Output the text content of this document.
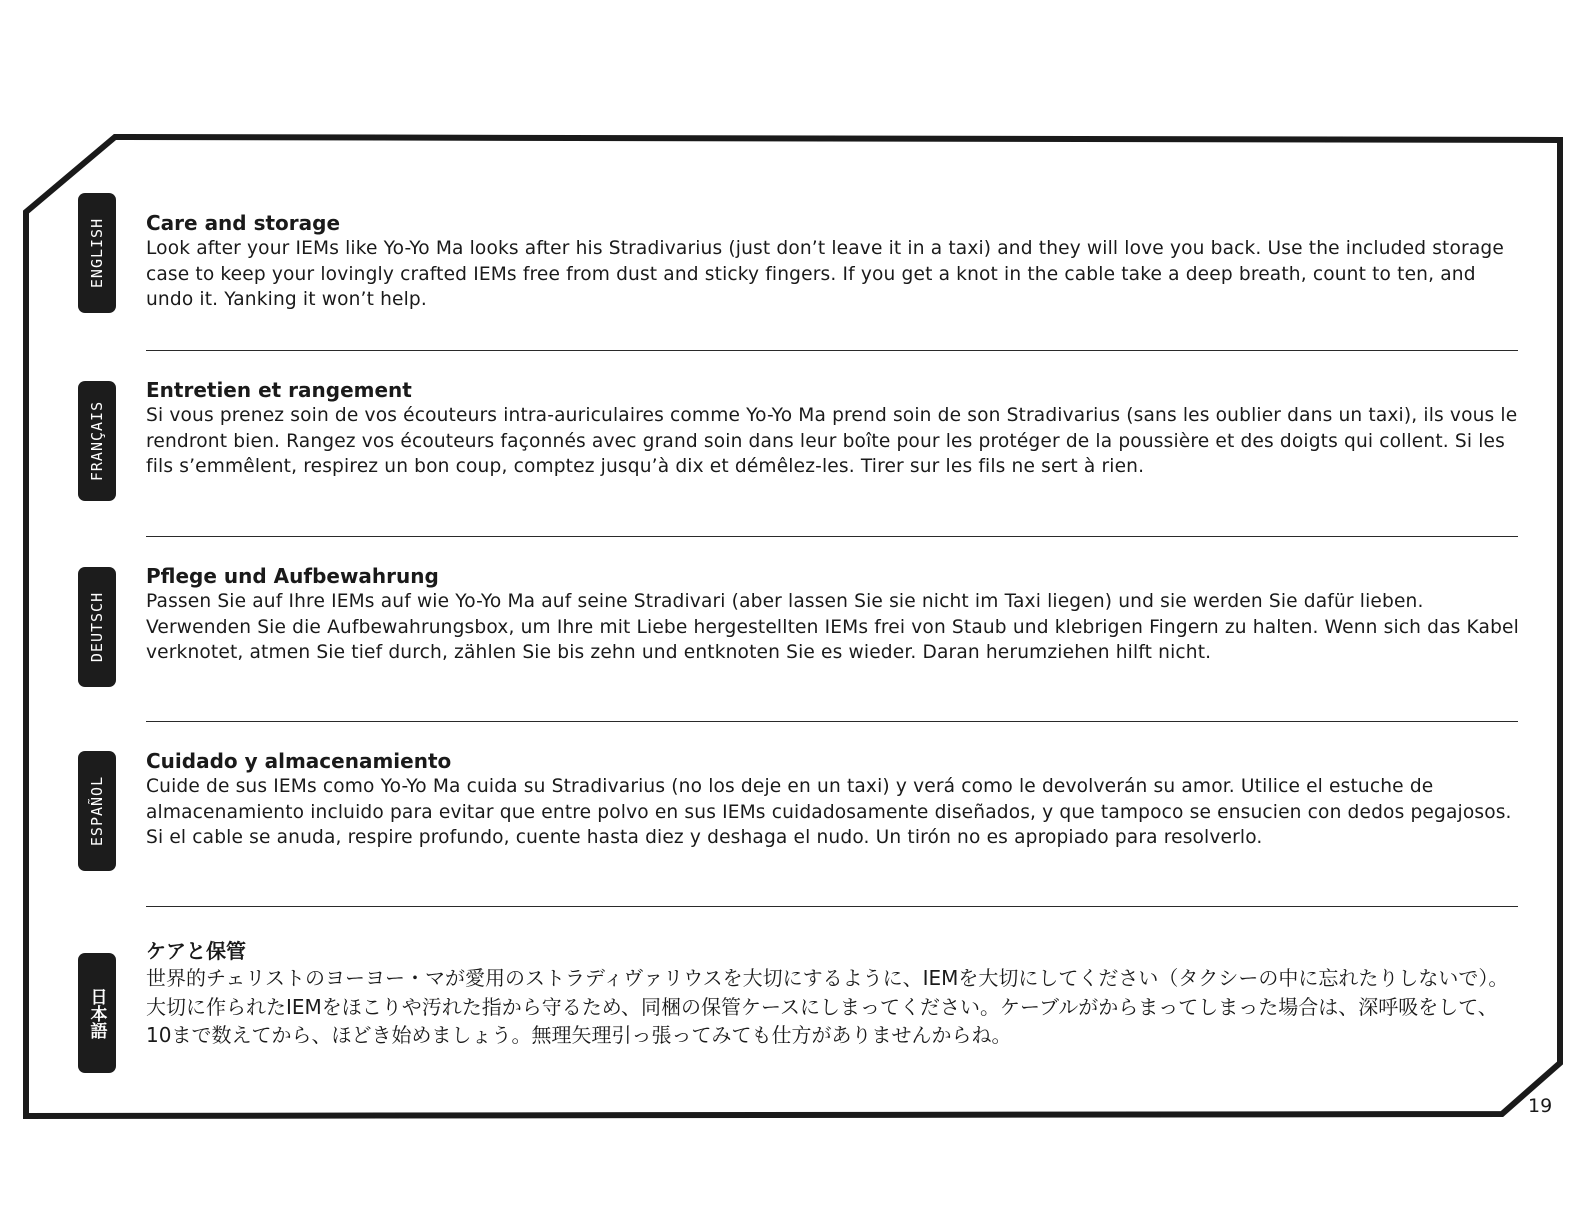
ENGLISH Care and storage

Look after your IEMs like Yo-Yo Ma looks after his Stradivarius (just don’t leave it in a taxi) and they will love you back. Use the included storage case to keep your lovingly crafted IEMs free from dust and sticky fingers. If you get a knot in the cable take a deep breath, count to ten, and undo it. Yanking it won’t help.

FRANÇAIS
Entretien et rangement

Si vous prenez soin de vos écouteurs intra-auriculaires comme Yo-Yo Ma prend soin de son Stradivarius (sans les oublier dans un taxi), ils vous le rendront bien. Rangez vos écouteurs façonnés avec grand soin dans leur boîte pour les protéger de la poussière et des doigts qui collent. Si les fils s’emmêlent, respirez un bon coup, comptez jusqu’à dix et démêlez-les. Tirer sur les fils ne sert à rien.

DEUTSCH
Pflege und Aufbewahrung

Passen Sie auf Ihre IEMs auf wie Yo-Yo Ma auf seine Stradivari (aber lassen Sie sie nicht im Taxi liegen) und sie werden Sie dafür lieben. Verwenden Sie die Aufbewahrungsbox, um Ihre mit Liebe hergestellten IEMs frei von Staub und klebrigen Fingern zu halten. Wenn sich das Kabel verknotet, atmen Sie tief durch, zählen Sie bis zehn und entknoten Sie es wieder. Daran herumziehen hilft nicht.

ESPAÑOL
Cuidado y almacenamiento

Cuide de sus IEMs como Yo-Yo Ma cuida su Stradivarius (no los deje en un taxi) y verá como le devolverán su amor. Utilice el estuche de almacenamiento incluido para evitar que entre polvo en sus IEMs cuidadosamente diseñados, y que tampoco se ensucien con dedos pegajosos. Si el cable se anuda, respire profundo, cuente hasta diez y deshaga el nudo. Un tirón no es apropiado para resolverlo.

日本語
ケアと保管

世界的チェリストのヨーヨー・マが愛用のストラディヴァリウスを大切にするように、IEMを大切にしてください（タクシーの中に忘れたりしないで）。大切に作られたIEMをほこりや汚れた指から守るため、同梱の保管ケースにしまってください。ケーブルがからまってしまった場合は、深呼吸をして、10まで数えてから、ほどき始めましょう。無理矢理引っ張ってみても仕方がありませんからね。

19
